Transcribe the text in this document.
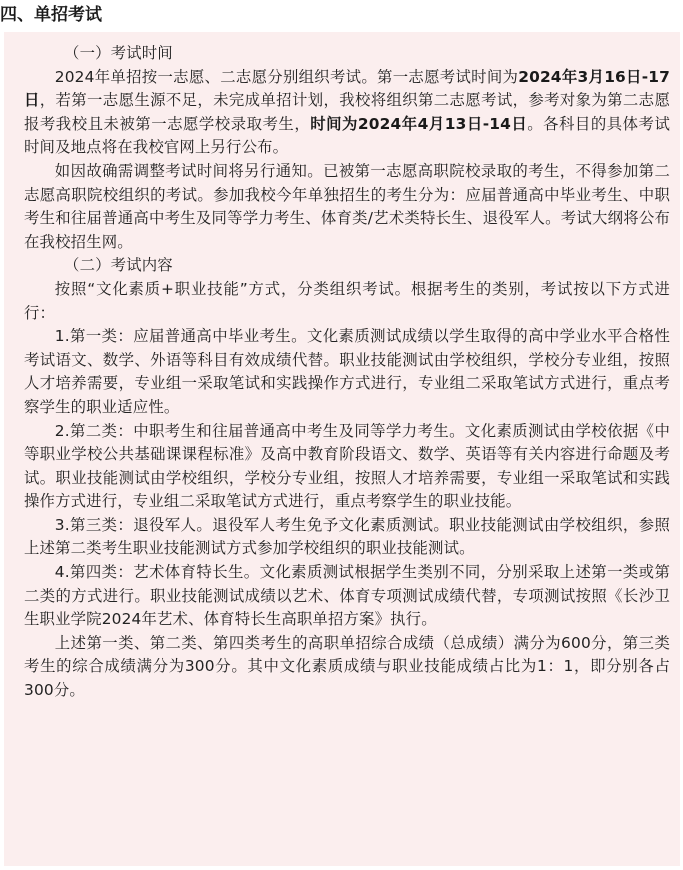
四、单招考试

（一）考试时间

2024年单招按一志愿、二志愿分别组织考试。第一志愿考试时间为2024年3月16日-17日，若第一志愿生源不足，未完成单招计划，我校将组织第二志愿考试，参考对象为第二志愿报考我校且未被第一志愿学校录取考生，时间为2024年4月13日-14日。各科目的具体考试时间及地点将在我校官网上另行公布。

如因故确需调整考试时间将另行通知。已被第一志愿高职院校录取的考生，不得参加第二志愿高职院校组织的考试。参加我校今年单独招生的考生分为：应届普通高中毕业考生、中职考生和往届普通高中考生及同等学力考生、体育类/艺术类特长生、退役军人。考试大纲将公布在我校招生网。

（二）考试内容

按照“文化素质+职业技能”方式，分类组织考试。根据考生的类别，考试按以下方式进行：

1.第一类：应届普通高中毕业考生。文化素质测试成绩以学生取得的高中学业水平合格性考试语文、数学、外语等科目有效成绩代替。职业技能测试由学校组织，学校分专业组，按照人才培养需要，专业组一采取笔试和实践操作方式进行，专业组二采取笔试方式进行，重点考察学生的职业适应性。

2.第二类：中职考生和往届普通高中考生及同等学力考生。文化素质测试由学校依据《中等职业学校公共基础课课程标准》及高中教育阶段语文、数学、英语等有关内容进行命题及考试。职业技能测试由学校组织，学校分专业组，按照人才培养需要，专业组一采取笔试和实践操作方式进行，专业组二采取笔试方式进行，重点考察学生的职业技能。

3.第三类：退役军人。退役军人考生免予文化素质测试。职业技能测试由学校组织，参照上述第二类考生职业技能测试方式参加学校组织的职业技能测试。

4.第四类：艺术体育特长生。文化素质测试根据学生类别不同，分别采取上述第一类或第二类的方式进行。职业技能测试成绩以艺术、体育专项测试成绩代替，专项测试按照《长沙卫生职业学院2024年艺术、体育特长生高职单招方案》执行。

上述第一类、第二类、第四类考生的高职单招综合成绩（总成绩）满分为600分，第三类考生的综合成绩满分为300分。其中文化素质成绩与职业技能成绩占比为1：1，即分别各占300分。
